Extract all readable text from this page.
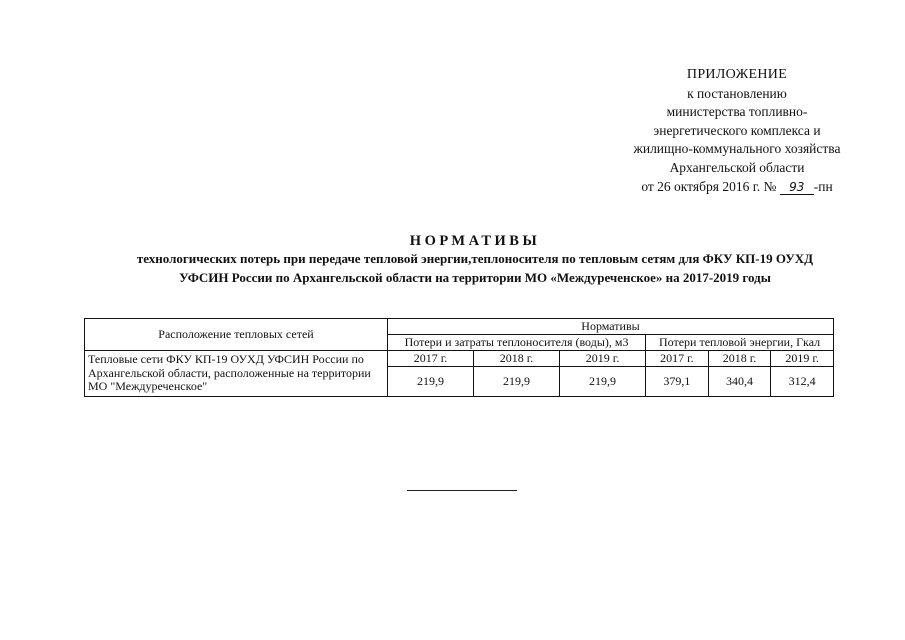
ПРИЛОЖЕНИЕ
к постановлению
министерства топливно-
энергетического комплекса и
жилищно-коммунального хозяйства
Архангельской области
от 26 октября 2016 г. № 93 -пн
НОРМАТИВЫ
технологических потерь при передаче тепловой энергии,теплоносителя по тепловым сетям для ФКУ КП-19 ОУХД
УФСИН России по Архангельской области на территории МО «Междуреченское» на 2017-2019 годы
Расположение тепловых сетей	Нормативы					
	Потери и затраты теплоносителя (воды), м3			Потери тепловой энергии, Гкал		
Тепловые сети ФКУ КП-19 ОУХД УФСИН России по Архангельской области, расположенные на территории МО "Междуреченское"	2017 г.	2018 г.	2019 г.	2017 г.	2018 г.	2019 г.
	219,9	219,9	219,9	379,1	340,4	312,4
